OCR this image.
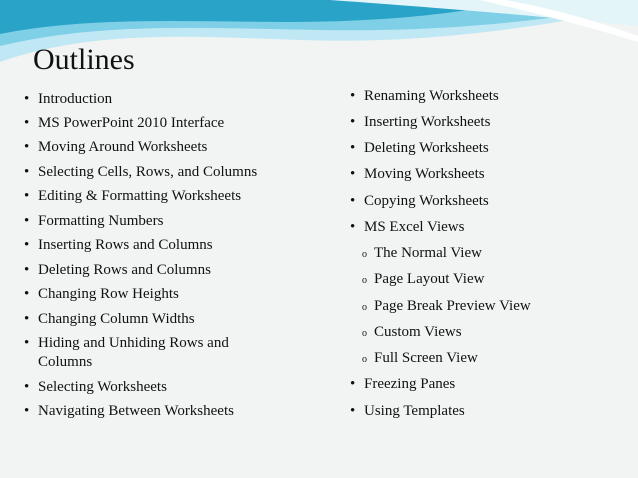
Outlines
• Introduction
• MS PowerPoint 2010 Interface
• Moving Around Worksheets
• Selecting Cells, Rows, and Columns
• Editing & Formatting Worksheets
• Formatting Numbers
• Inserting Rows and Columns
• Deleting Rows and Columns
• Changing Row Heights
• Changing Column Widths
• Hiding and Unhiding Rows and
Columns
• Selecting Worksheets
• Navigating Between Worksheets
• Renaming Worksheets
• Inserting Worksheets
• Deleting Worksheets
• Moving Worksheets
• Copying Worksheets
• MS Excel Views
o The Normal View
o Page Layout View
o Page Break Preview View
o Custom Views
o Full Screen View
• Freezing Panes
• Using Templates
